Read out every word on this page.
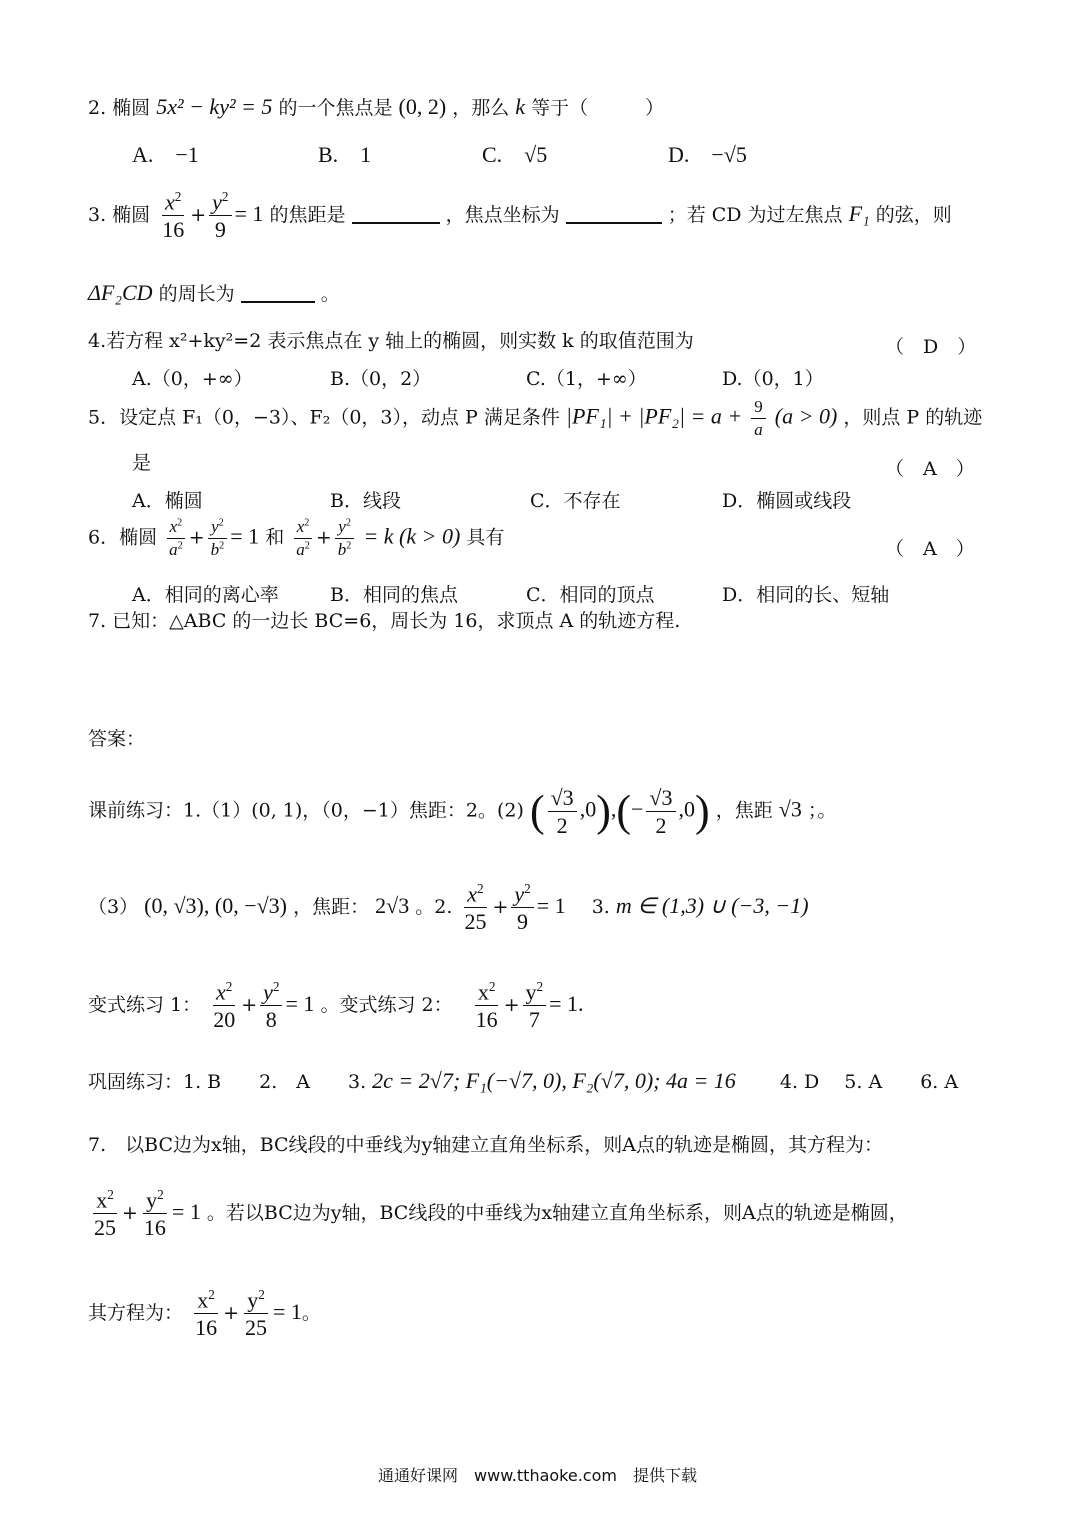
2. 椭圆 5x² − ky² = 5 的一个焦点是 (0, 2) ，那么 k 等于（　　　）
A.　−1	B.　1	C.　√5	D.　−√5
3. 椭圆 $\frac{x^2}{16} + \frac{y^2}{9} = 1$ 的焦距是	，焦点坐标为	；若 CD 为过左焦点 F₁ 的弦，则
ΔF₂CD 的周长为	。
4.若方程 x²+ky²=2 表示焦点在 y 轴上的椭圆，则实数 k 的取值范围为	（　D　）
A.（0，+∞）	B.（0，2）	C.（1，+∞）	D.（0，1）
5．设定点 F₁（0，−3）、F₂（0，3），动点 P 满足条件 $|PF_1| + |PF_2| = a + \frac{9}{a} (a > 0)$ ，则点 P 的轨迹
是	（　A　）
A．椭圆	B．线段	C．不存在	D．椭圆或线段
6．椭圆 $\frac{x^2}{a^2} + \frac{y^2}{b^2} = 1$ 和 $\frac{x^2}{a^2} + \frac{y^2}{b^2} = k$ (k > 0) 具有
（　A　）
A．相同的离心率	B．相同的焦点	C．相同的顶点	D．相同的长、短轴
7. 已知：△ABC 的一边长 BC=6，周长为 16，求顶点 A 的轨迹方程.
答案：
课前练习：1.（1）(0, 1)，（0，−1）焦距：2。(2) ( $\frac{√3}{2} ,0),(- \frac{√3}{2} ,0)$ ，焦距 √3 ；。
（3） (0, √3), (0, −√3) ，焦距： 2√3 。2. $\frac{x^2}{25} + \frac{y^2}{9} = 1$ 3. m ∈ (1,3) ∪ (−3, −1)
变式练习 1： $\frac{x^2}{20} + \frac{y^2}{8} = 1$ 。变式练习 2： $\frac{x^2}{16} + \frac{y^2}{7} = 1$.
巩固练习：1. B　　2.　A　　3. 2c = 2√7; F₁(−√7, 0), F₂(√7, 0); 4a = 16 　　4. D　 5. A　　6. A
7.　以BC边为x轴，BC线段的中垂线为y轴建立直角坐标系，则A点的轨迹是椭圆，其方程为：
$\frac{x^2}{25} + \frac{y^2}{16} = 1$ 。若以BC边为y轴，BC线段的中垂线为x轴建立直角坐标系，则A点的轨迹是椭圆，
其方程为： $\frac{x^2}{16} + \frac{y^2}{25} = 1$。
通通好课网　www.tthaoke.com　提供下载
